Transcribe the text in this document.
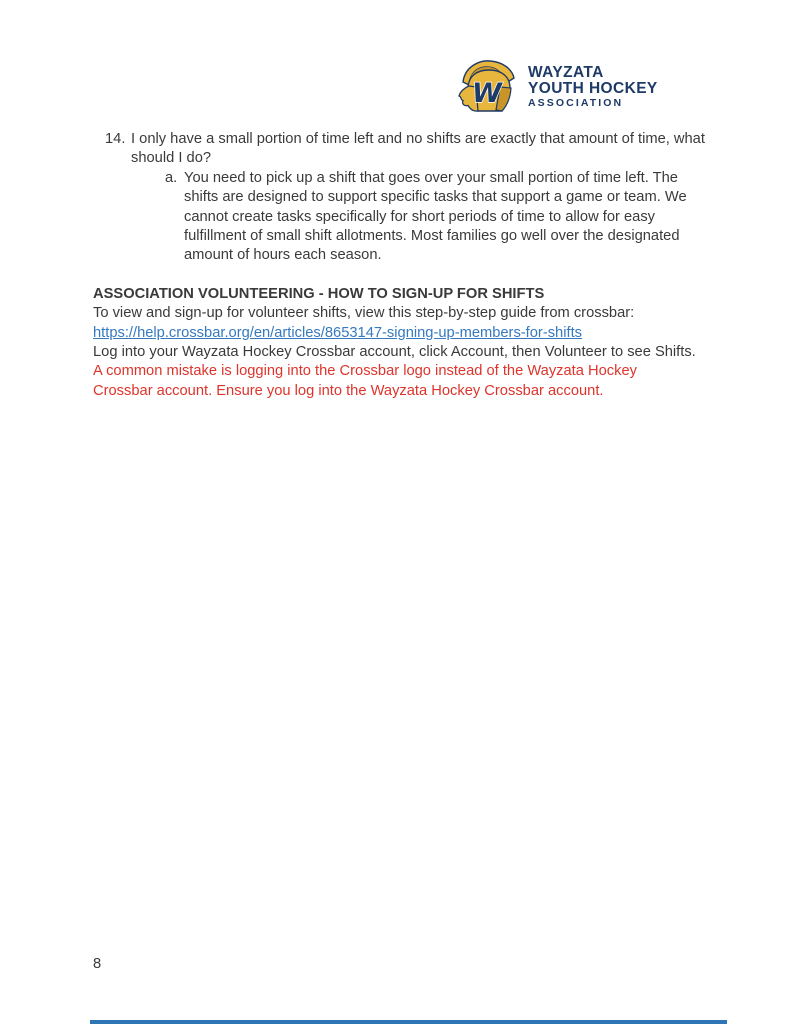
W
WAYZATA
YOUTH HOCKEY
ASSOCIATION
14. I only have a small portion of time left and no shifts are exactly that amount of time, what should I do?
a. You need to pick up a shift that goes over your small portion of time left. The shifts are designed to support specific tasks that support a game or team. We cannot create tasks specifically for short periods of time to allow for easy fulfillment of small shift allotments. Most families go well over the designated amount of hours each season.
ASSOCIATION VOLUNTEERING - HOW TO SIGN-UP FOR SHIFTS
To view and sign-up for volunteer shifts, view this step-by-step guide from crossbar:
https://help.crossbar.org/en/articles/8653147-signing-up-members-for-shifts
Log into your Wayzata Hockey Crossbar account, click Account, then Volunteer to see Shifts.
A common mistake is logging into the Crossbar logo instead of the Wayzata Hockey Crossbar account. Ensure you log into the Wayzata Hockey Crossbar account.
8
